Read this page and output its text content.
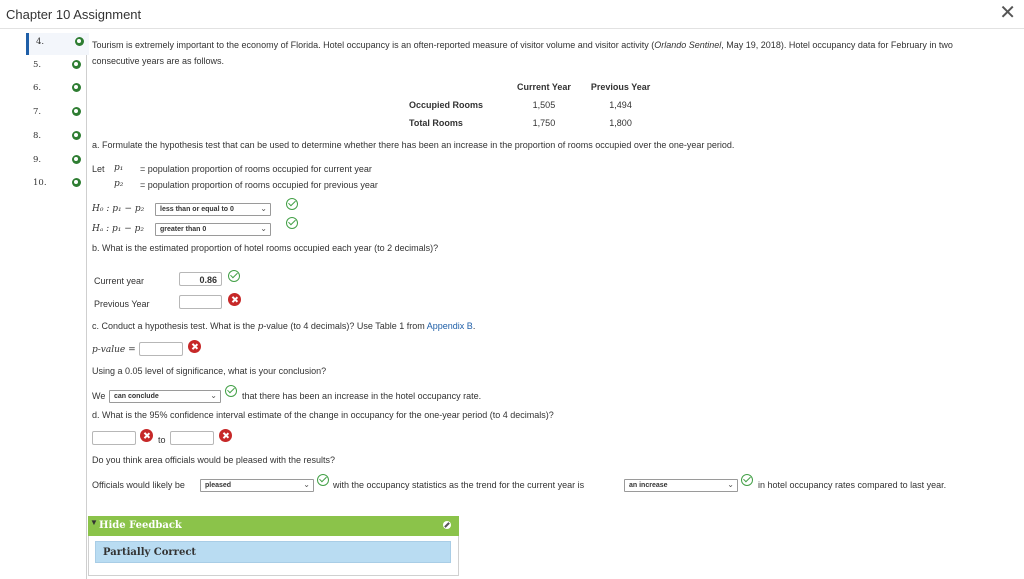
Chapter 10 Assignment	✕
4.
5.
6.
7.
8.
9.
10.
Tourism is extremely important to the economy of Florida. Hotel occupancy is an often-reported measure of visitor volume and visitor activity (Orlando Sentinel, May 19, 2018). Hotel occupancy data for February in two consecutive years are as follows.
	Current Year	Previous Year
Occupied Rooms	1,505	1,494
Total Rooms	1,750	1,800
a. Formulate the hypothesis test that can be used to determine whether there has been an increase in the proportion of rooms occupied over the one-year period.
Let p₁ = population proportion of rooms occupied for current year
p₂ = population proportion of rooms occupied for previous year
H₀ : p₁ − p₂	less than or equal to 0	⌄
Hₐ : p₁ − p₂	greater than 0	⌄
b. What is the estimated proportion of hotel rooms occupied each year (to 2 decimals)?
Current year	0.86
Previous Year
c. Conduct a hypothesis test. What is the p-value (to 4 decimals)? Use Table 1 from Appendix B.
p-value =
Using a 0.05 level of significance, what is your conclusion?
We	can conclude	⌄	that there has been an increase in the hotel occupancy rate.
d. What is the 95% confidence interval estimate of the change in occupancy for the one-year period (to 4 decimals)?
to
Do you think area officials would be pleased with the results?
Officials would likely be	pleased	⌄	with the occupancy statistics as the trend for the current year is	an increase	⌄	in hotel occupancy rates compared to last year.
▼ Hide Feedback
Partially Correct
